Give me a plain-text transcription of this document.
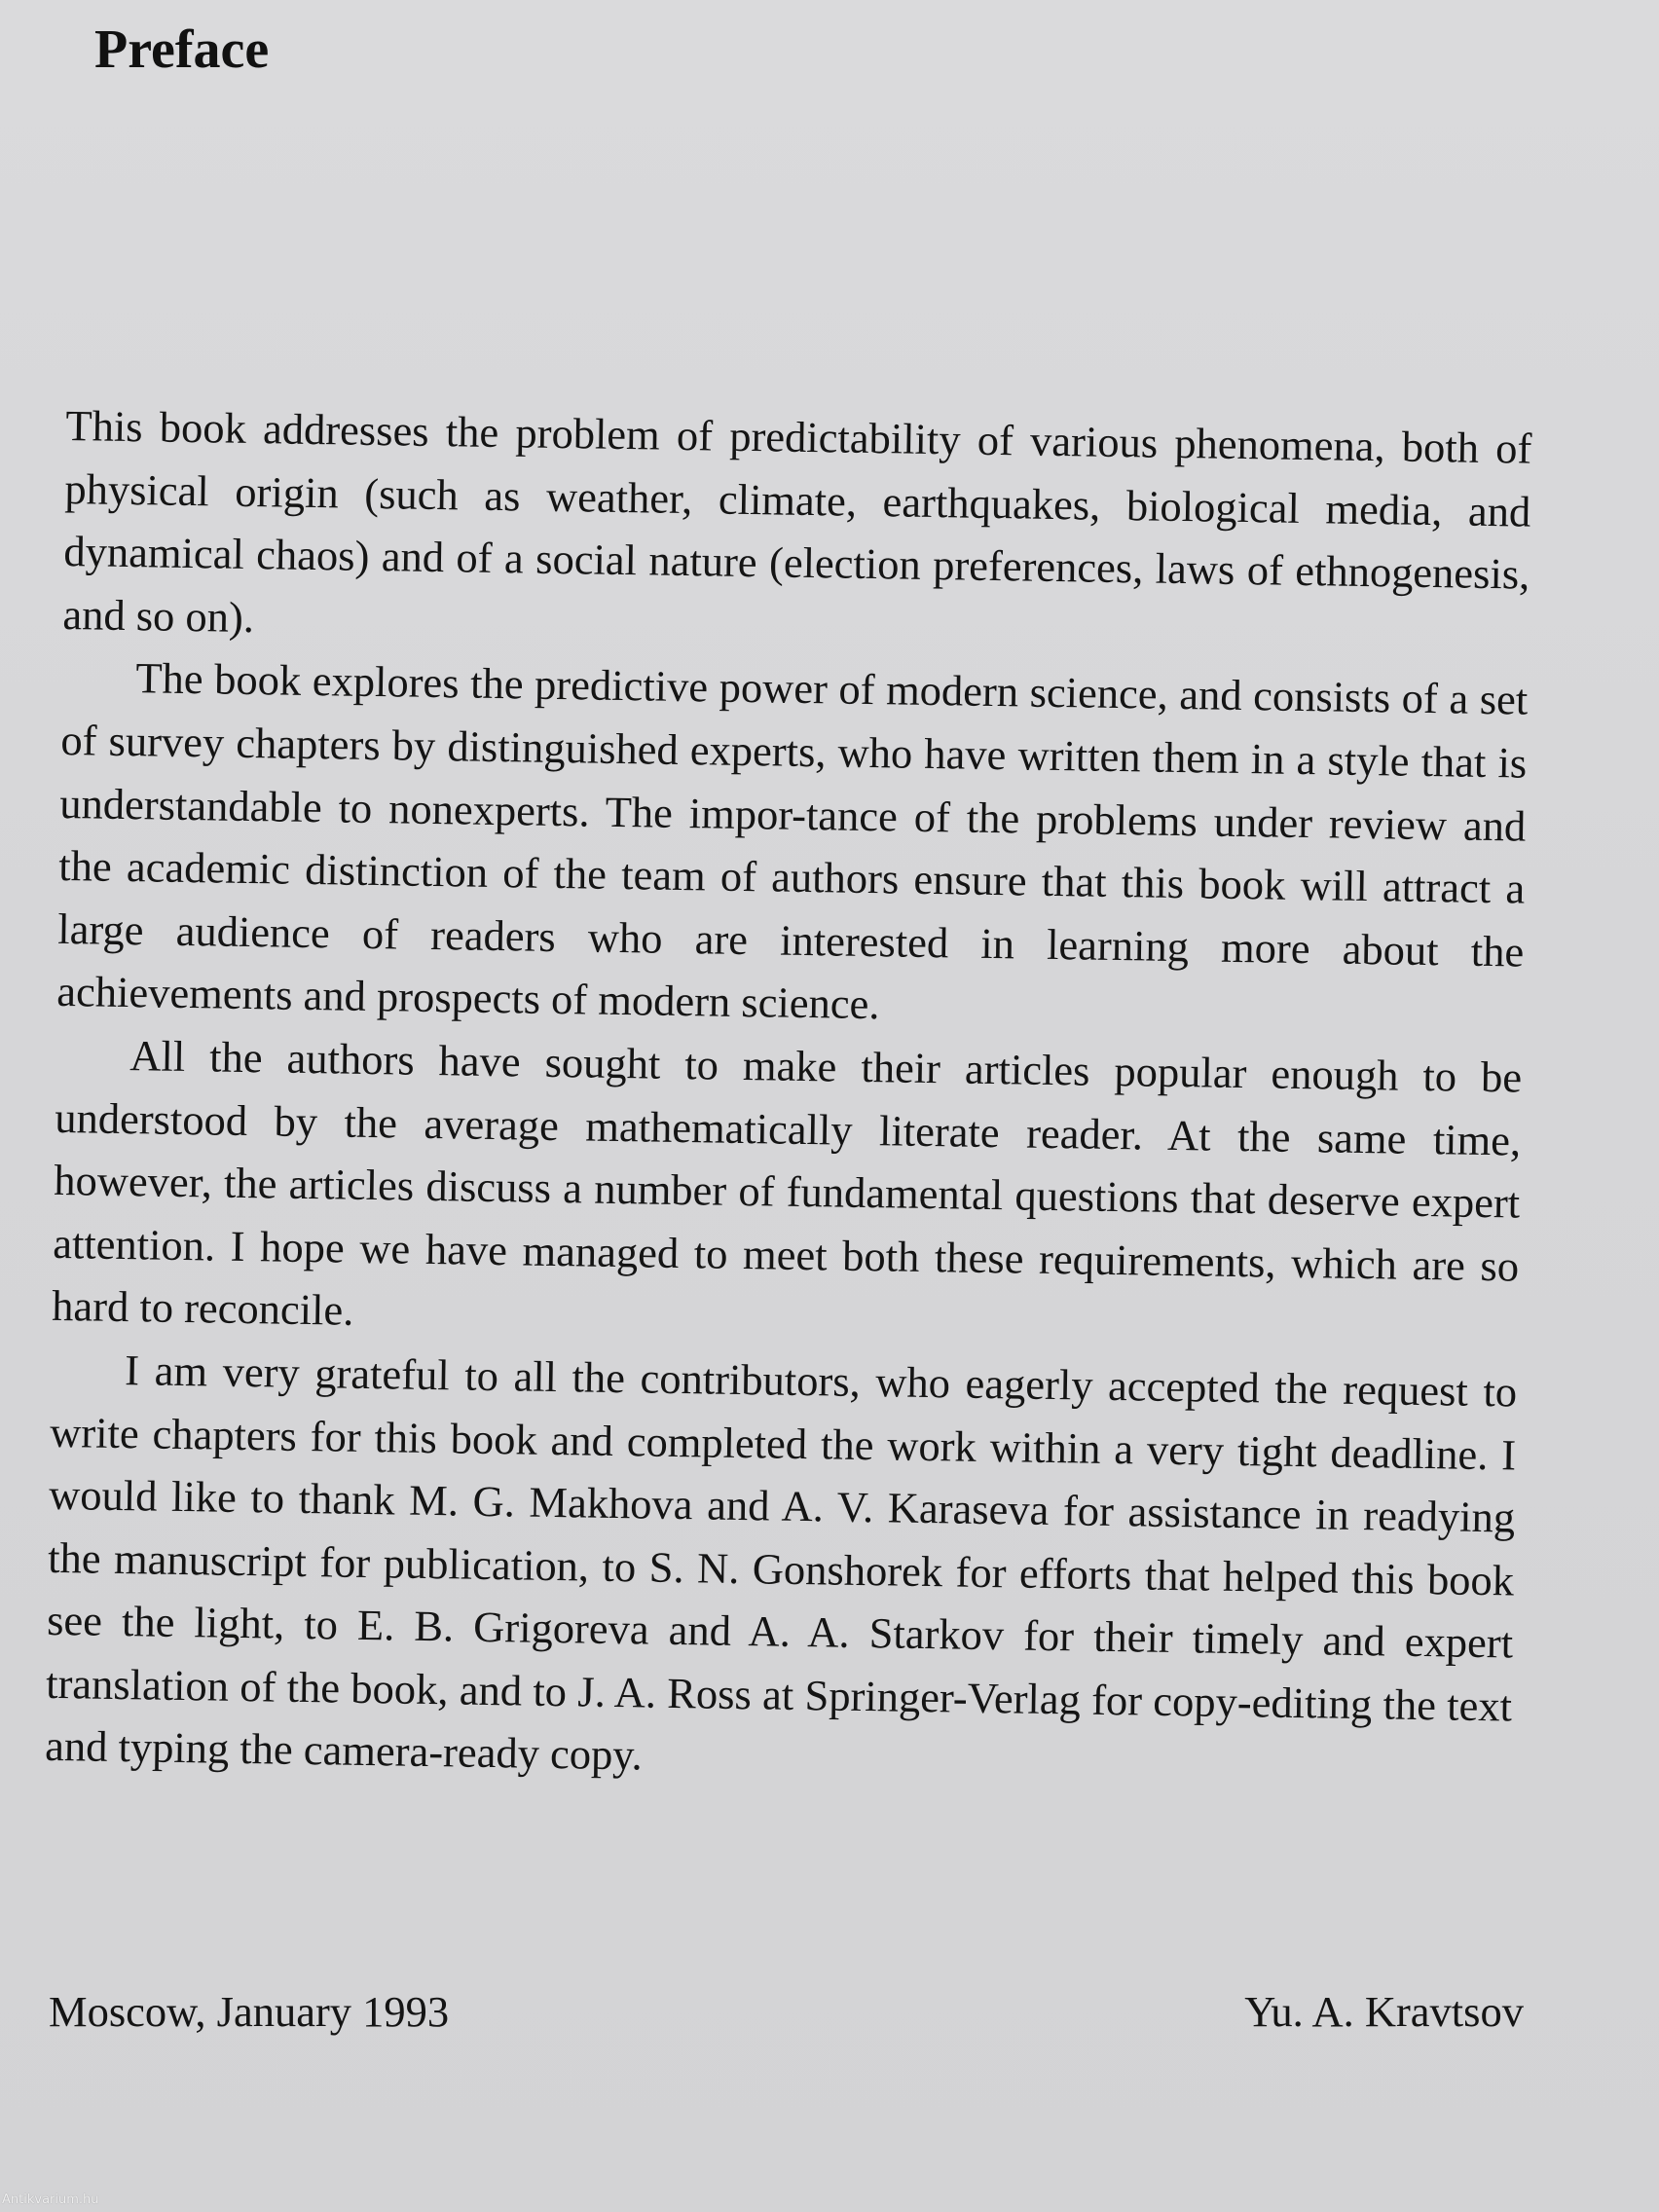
Preface

This book addresses the problem of predictability of various phenomena, both of physical origin (such as weather, climate, earthquakes, biological media, and dynamical chaos) and of a social nature (election preferences, laws of ethnogenesis, and so on).

The book explores the predictive power of modern science, and consists of a set of survey chapters by distinguished experts, who have written them in a style that is understandable to nonexperts. The impor-tance of the problems under review and the academic distinction of the team of authors ensure that this book will attract a large audience of readers who are interested in learning more about the achievements and prospects of modern science.

All the authors have sought to make their articles popular enough to be understood by the average mathematically literate reader. At the same time, however, the articles discuss a number of fundamental questions that deserve expert attention. I hope we have managed to meet both these requirements, which are so hard to reconcile.

I am very grateful to all the contributors, who eagerly accepted the request to write chapters for this book and completed the work within a very tight deadline. I would like to thank M. G. Makhova and A. V. Karaseva for assistance in readying the manuscript for publication, to S. N. Gonshorek for efforts that helped this book see the light, to E. B. Grigoreva and A. A. Starkov for their timely and expert translation of the book, and to J. A. Ross at Springer-Verlag for copy-editing the text and typing the camera-ready copy.

Moscow, January 1993	Yu. A. Kravtsov
Antikvarium.hu
